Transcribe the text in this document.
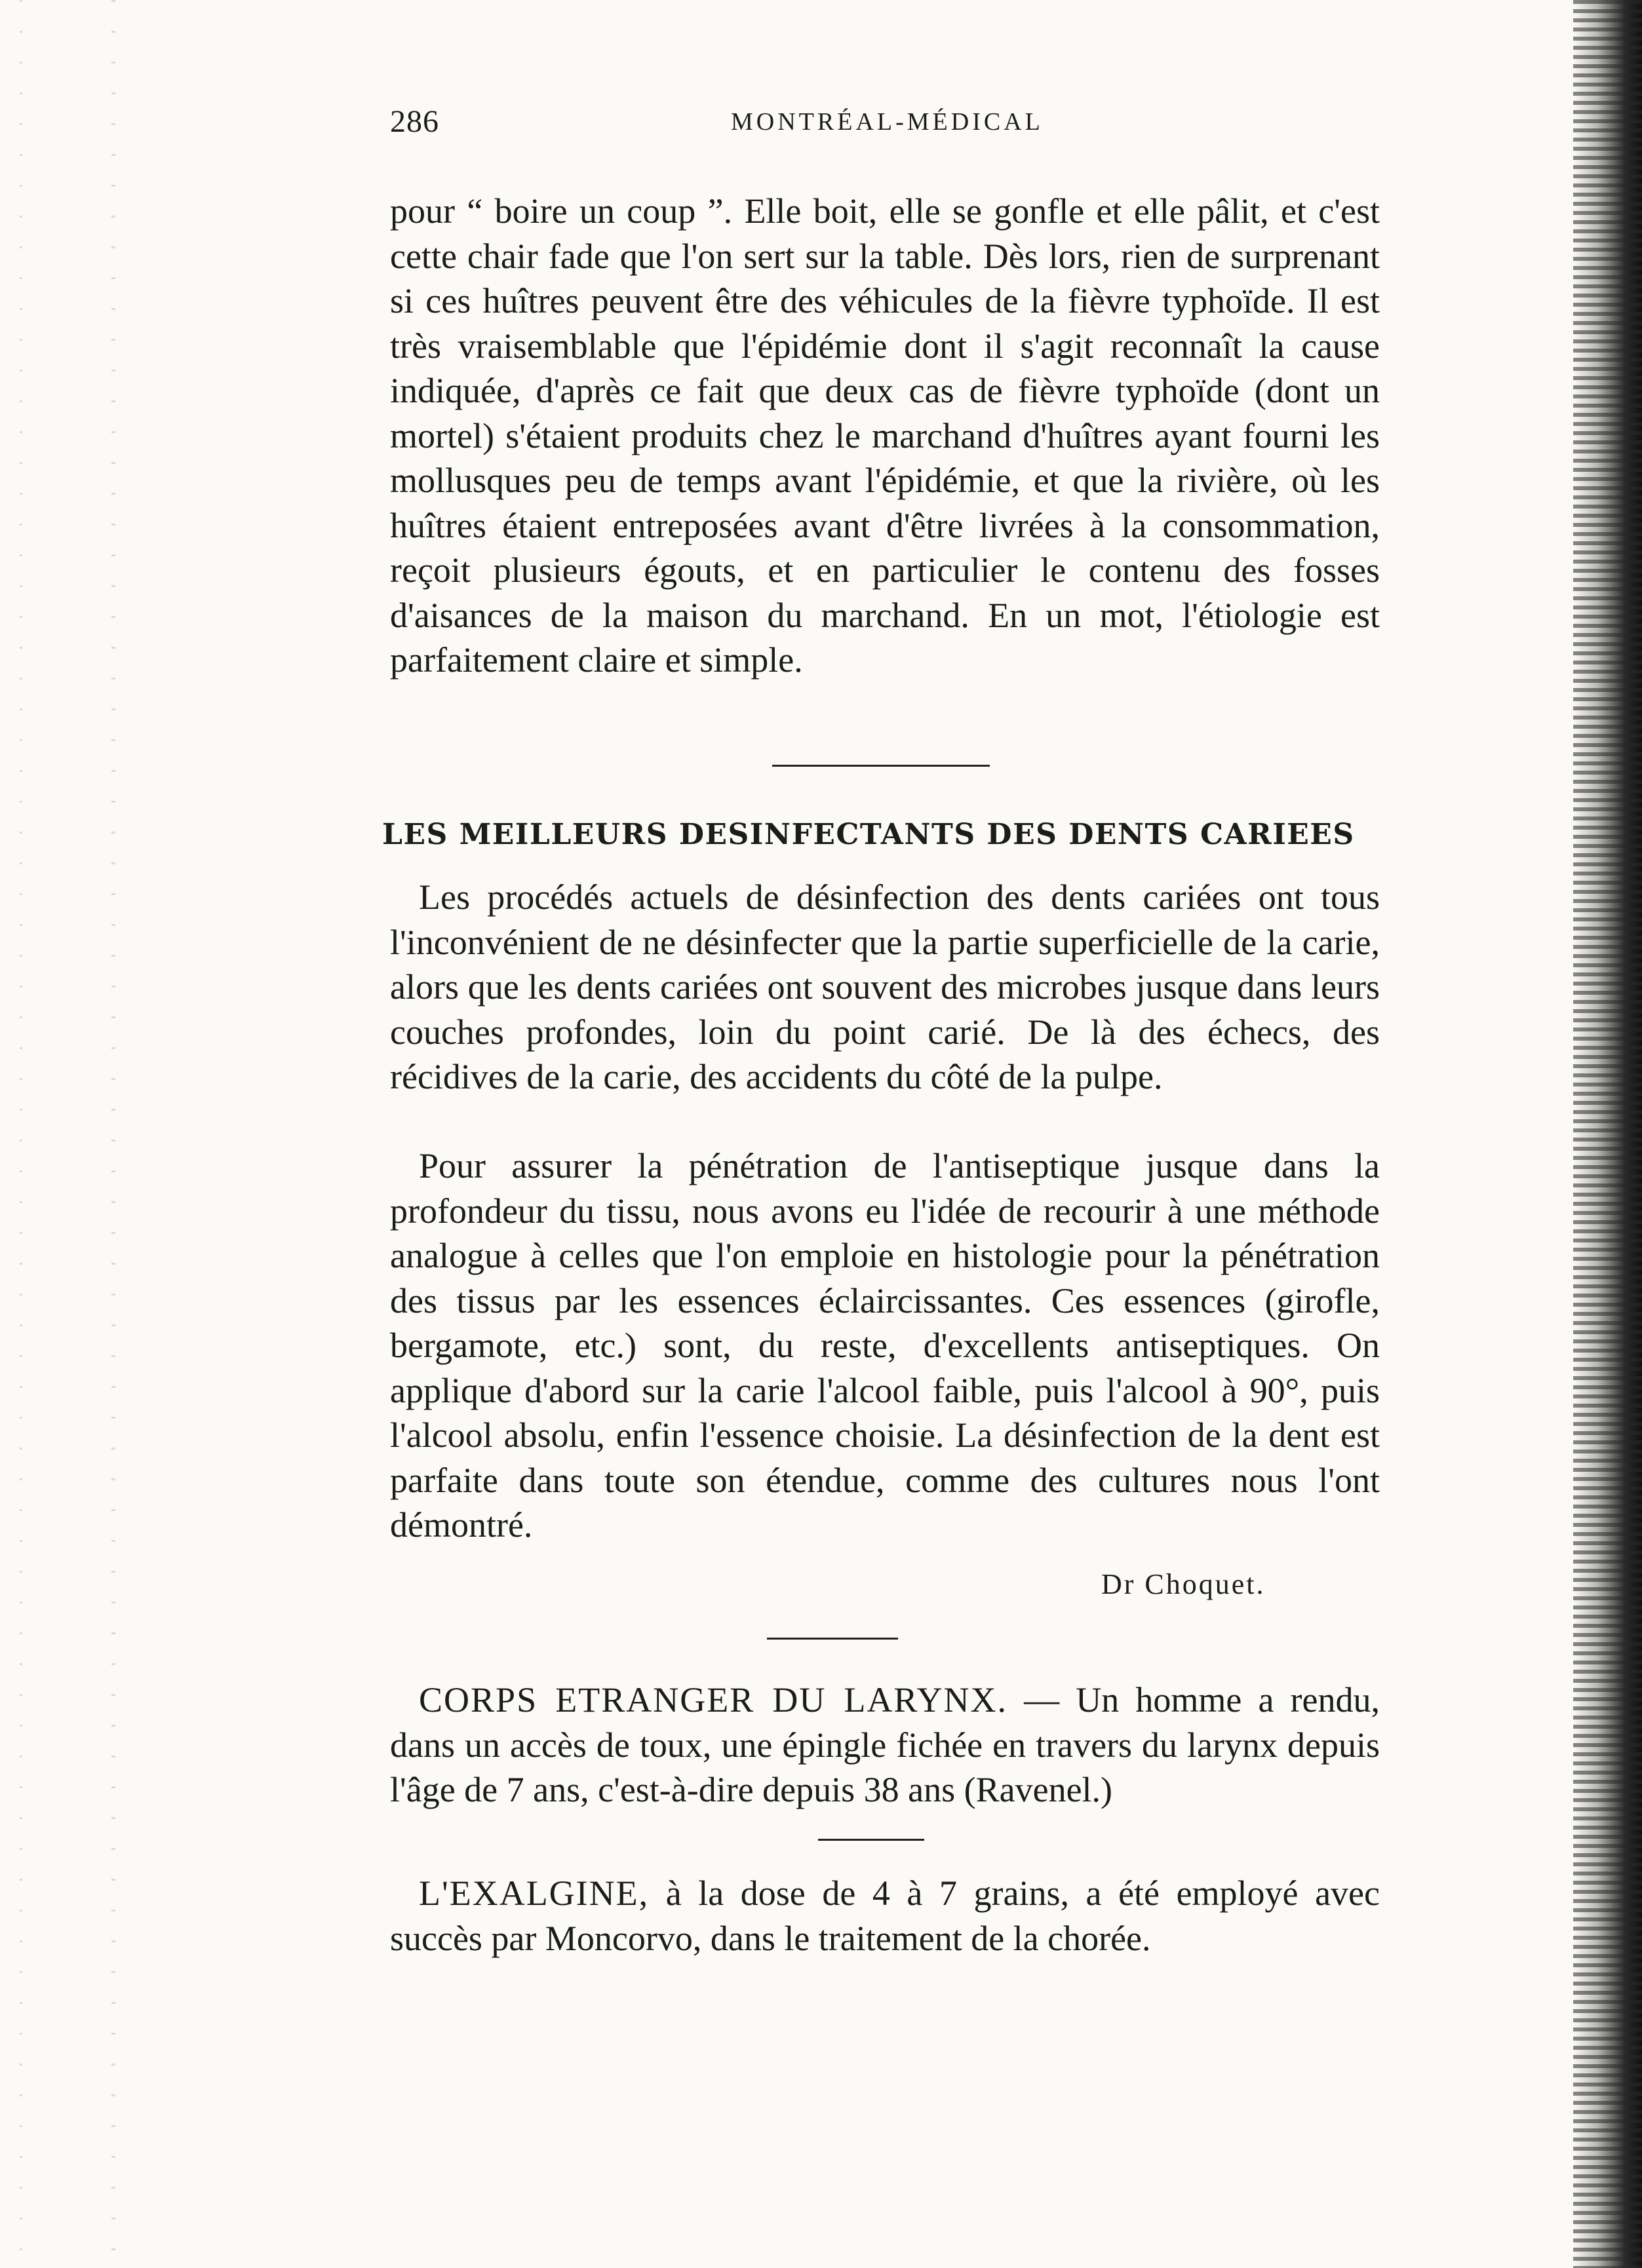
286	MONTRÉAL-MÉDICAL

pour “ boire un coup ”. Elle boit, elle se gonfle et elle pâlit, et c'est cette chair fade que l'on sert sur la table. Dès lors, rien de surprenant si ces huîtres peuvent être des véhicules de la fièvre typhoïde. Il est très vraisemblable que l'épidémie dont il s'agit reconnaît la cause indiquée, d'après ce fait que deux cas de fièvre typhoïde (dont un mortel) s'étaient produits chez le marchand d'huîtres ayant fourni les mollusques peu de temps avant l'épidémie, et que la rivière, où les huîtres étaient entreposées avant d'être livrées à la consommation, reçoit plusieurs égouts, et en particulier le contenu des fosses d'aisances de la maison du marchand. En un mot, l'étiologie est parfaitement claire et simple.

LES MEILLEURS DESINFECTANTS DES DENTS CARIEES

Les procédés actuels de désinfection des dents cariées ont tous l'inconvénient de ne désinfecter que la partie superficielle de la carie, alors que les dents cariées ont souvent des microbes jusque dans leurs couches profondes, loin du point carié. De là des échecs, des récidives de la carie, des accidents du côté de la pulpe.

Pour assurer la pénétration de l'antiseptique jusque dans la profondeur du tissu, nous avons eu l'idée de recourir à une méthode analogue à celles que l'on emploie en histologie pour la pénétration des tissus par les essences éclaircissantes. Ces essences (girofle, bergamote, etc.) sont, du reste, d'excellents antiseptiques. On applique d'abord sur la carie l'alcool faible, puis l'alcool à 90°, puis l'alcool absolu, enfin l'essence choisie. La désinfection de la dent est parfaite dans toute son étendue, comme des cultures nous l'ont démontré.

Dr Choquet.

CORPS ETRANGER DU LARYNX. — Un homme a rendu, dans un accès de toux, une épingle fichée en travers du larynx depuis l'âge de 7 ans, c'est-à-dire depuis 38 ans (Ravenel.)

L'EXALGINE, à la dose de 4 à 7 grains, a été employé avec succès par Moncorvo, dans le traitement de la chorée.
